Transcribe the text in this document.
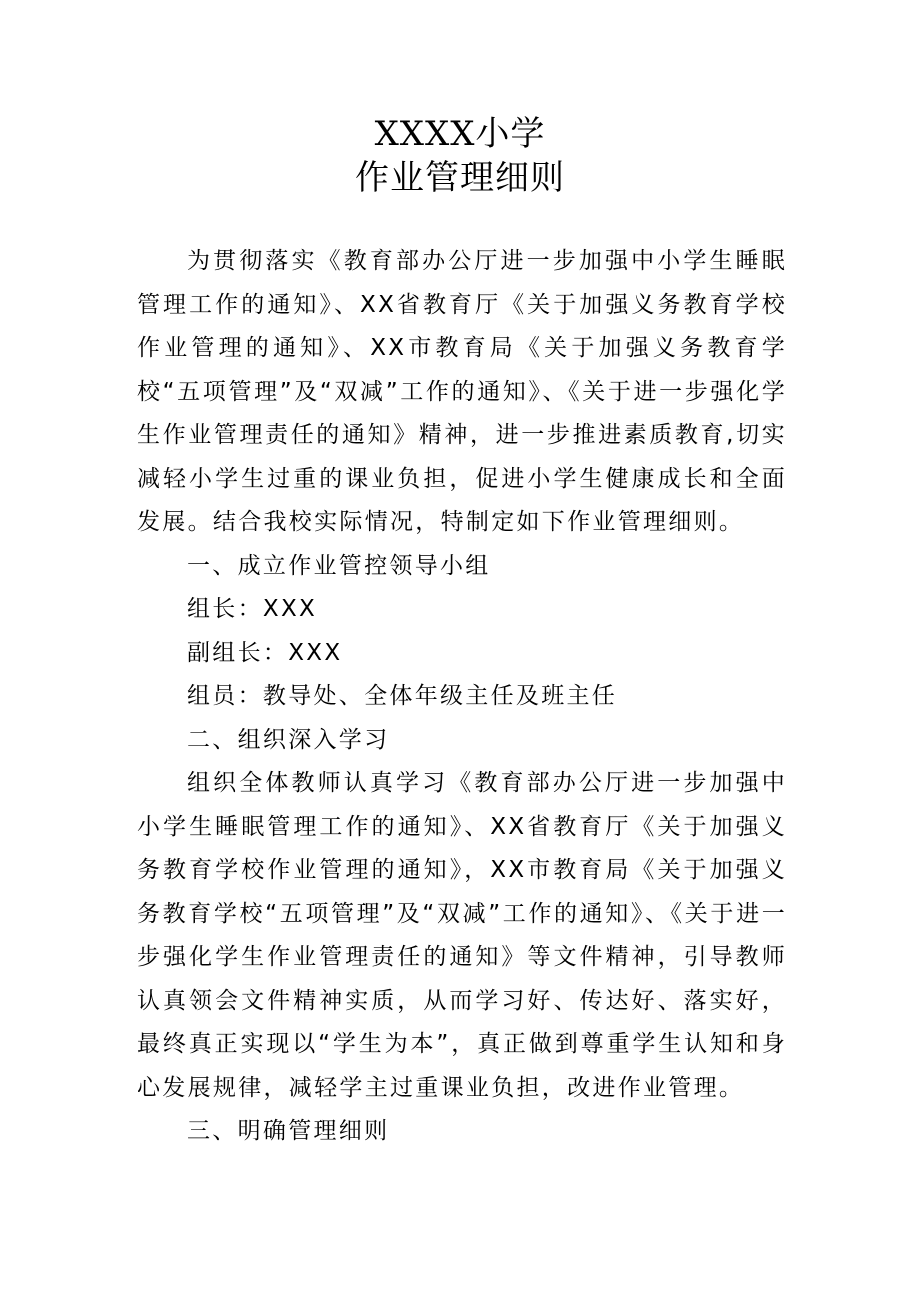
XXXX小学
作业管理细则

为贯彻落实《教育部办公厅进一步加强中小学生睡眠管理工作的通知》、XX省教育厅《关于加强义务教育学校作业管理的通知》、XX市教育局《关于加强义务教育学校“五项管理”及“双减”工作的通知》、《关于进一步强化学生作业管理责任的通知》精神，进一步推进素质教育,切实减轻小学生过重的课业负担，促进小学生健康成长和全面发展。结合我校实际情况，特制定如下作业管理细则。

一、成立作业管控领导小组

组长：XXX

副组长：XXX

组员：教导处、全体年级主任及班主任

二、组织深入学习

组织全体教师认真学习《教育部办公厅进一步加强中小学生睡眠管理工作的通知》、XX省教育厅《关于加强义务教育学校作业管理的通知》，XX市教育局《关于加强义务教育学校“五项管理”及“双减”工作的通知》、《关于进一步强化学生作业管理责任的通知》等文件精神，引导教师认真领会文件精神实质，从而学习好、传达好、落实好，最终真正实现以“学生为本”，真正做到尊重学生认知和身心发展规律，减轻学主过重课业负担，改进作业管理。

三、明确管理细则
